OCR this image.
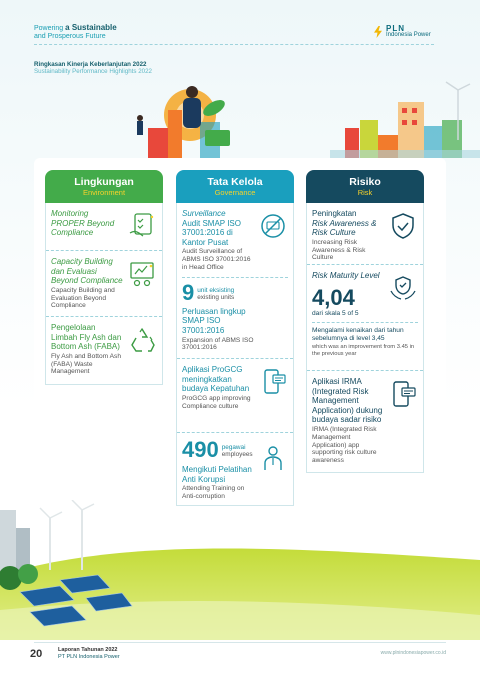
Powering a Sustainable
and Prosperous Future
PLN
Indonesia Power
Ringkasan Kinerja Keberlanjutan 2022
Sustainability Performance Highlights 2022
Lingkungan
Environment
Monitoring PROPER Beyond Compliance
Capacity Building dan Evaluasi Beyond Compliance
Capacity Building and Evaluation Beyond Compliance
Pengelolaan Limbah Fly Ash dan Bottom Ash (FABA)
Fly Ash and Bottom Ash (FABA) Waste Management
Tata Kelola
Governance
Surveillance
Audit SMAP ISO 37001:2016 di Kantor Pusat
Audit Surveillance of ABMS ISO 37001:2016 in Head Office
9 unit eksisting
existing units
Perluasan lingkup SMAP ISO 37001:2016
Expansion of ABMS ISO 37001:2016
Aplikasi ProGCG meningkatkan budaya Kepatuhan
ProGCG app improving Compliance culture
490 pegawai
employees
Mengikuti Pelatihan Anti Korupsi
Attending Training on Anti-corruption
Risiko
Risk
Peningkatan
Risk Awareness & Risk Culture
Increasing Risk Awareness & Risk Culture
Risk Maturity Level
4,04
dari skala 5 of 5
Mengalami kenaikan dari tahun sebelumnya di level 3,45
which was an improvement from 3.45 in the previous year
Aplikasi IRMA (Integrated Risk Management Application) dukung budaya sadar risiko
IRMA (Integrated Risk Management Application) app supporting risk culture awareness
20	Laporan Tahunan 2022
PT PLN Indonesia Power
www.plnindonesiapower.co.id
